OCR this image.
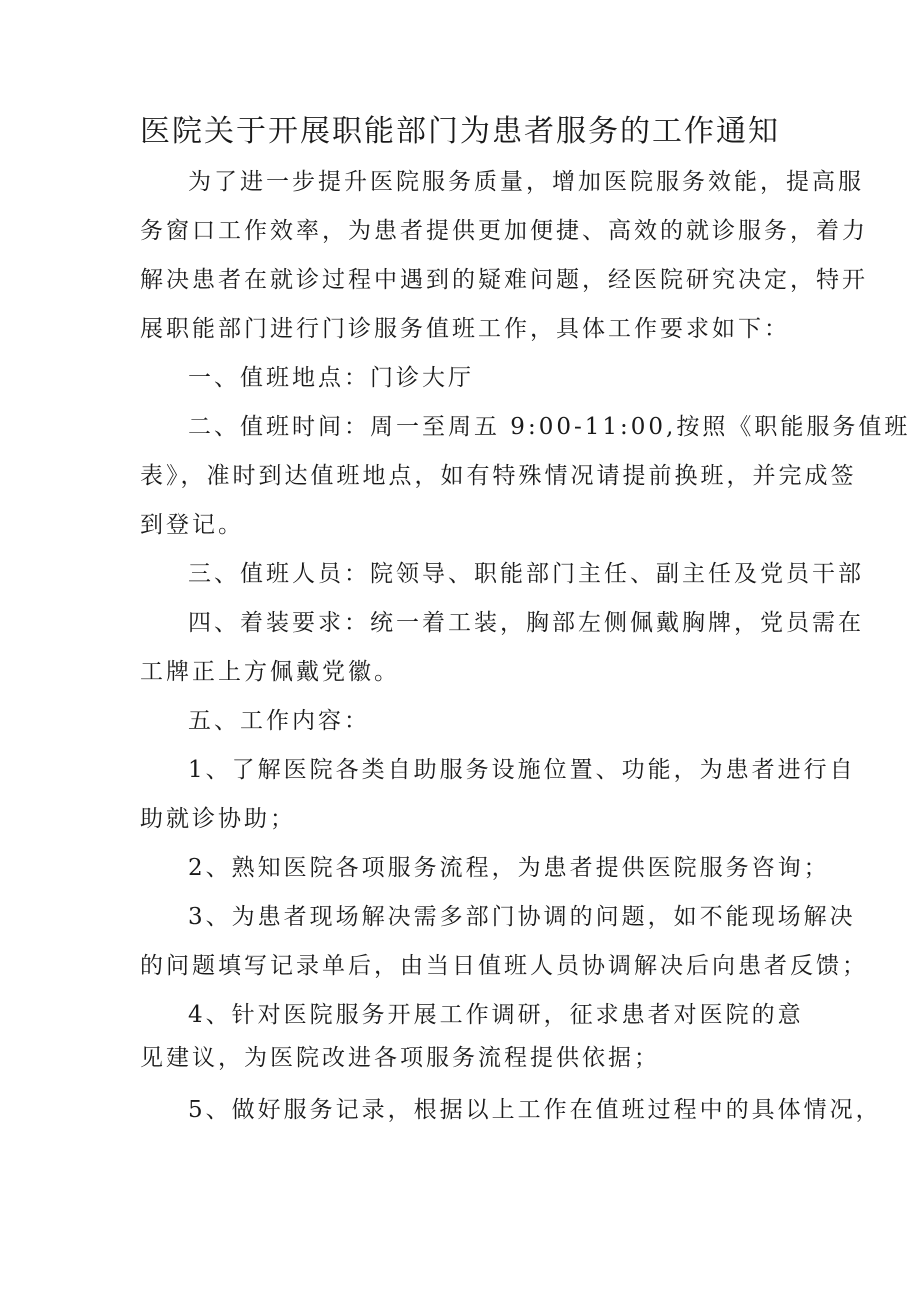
医院关于开展职能部门为患者服务的工作通知
为了进一步提升医院服务质量，增加医院服务效能，提高服
务窗口工作效率，为患者提供更加便捷、高效的就诊服务，着力
解决患者在就诊过程中遇到的疑难问题，经医院研究决定，特开
展职能部门进行门诊服务值班工作，具体工作要求如下：
一、值班地点：门诊大厅
二、值班时间：周一至周五 9:00-11:00,按照《职能服务值班
表》，准时到达值班地点，如有特殊情况请提前换班，并完成签
到登记。
三、值班人员：院领导、职能部门主任、副主任及党员干部
四、着装要求：统一着工装，胸部左侧佩戴胸牌，党员需在
工牌正上方佩戴党徽。
五、工作内容：
1、了解医院各类自助服务设施位置、功能，为患者进行自
助就诊协助；
2、熟知医院各项服务流程，为患者提供医院服务咨询；
3、为患者现场解决需多部门协调的问题，如不能现场解决
的问题填写记录单后，由当日值班人员协调解决后向患者反馈；
4、针对医院服务开展工作调研，征求患者对医院的意
见建议，为医院改进各项服务流程提供依据；
5、做好服务记录，根据以上工作在值班过程中的具体情况，
